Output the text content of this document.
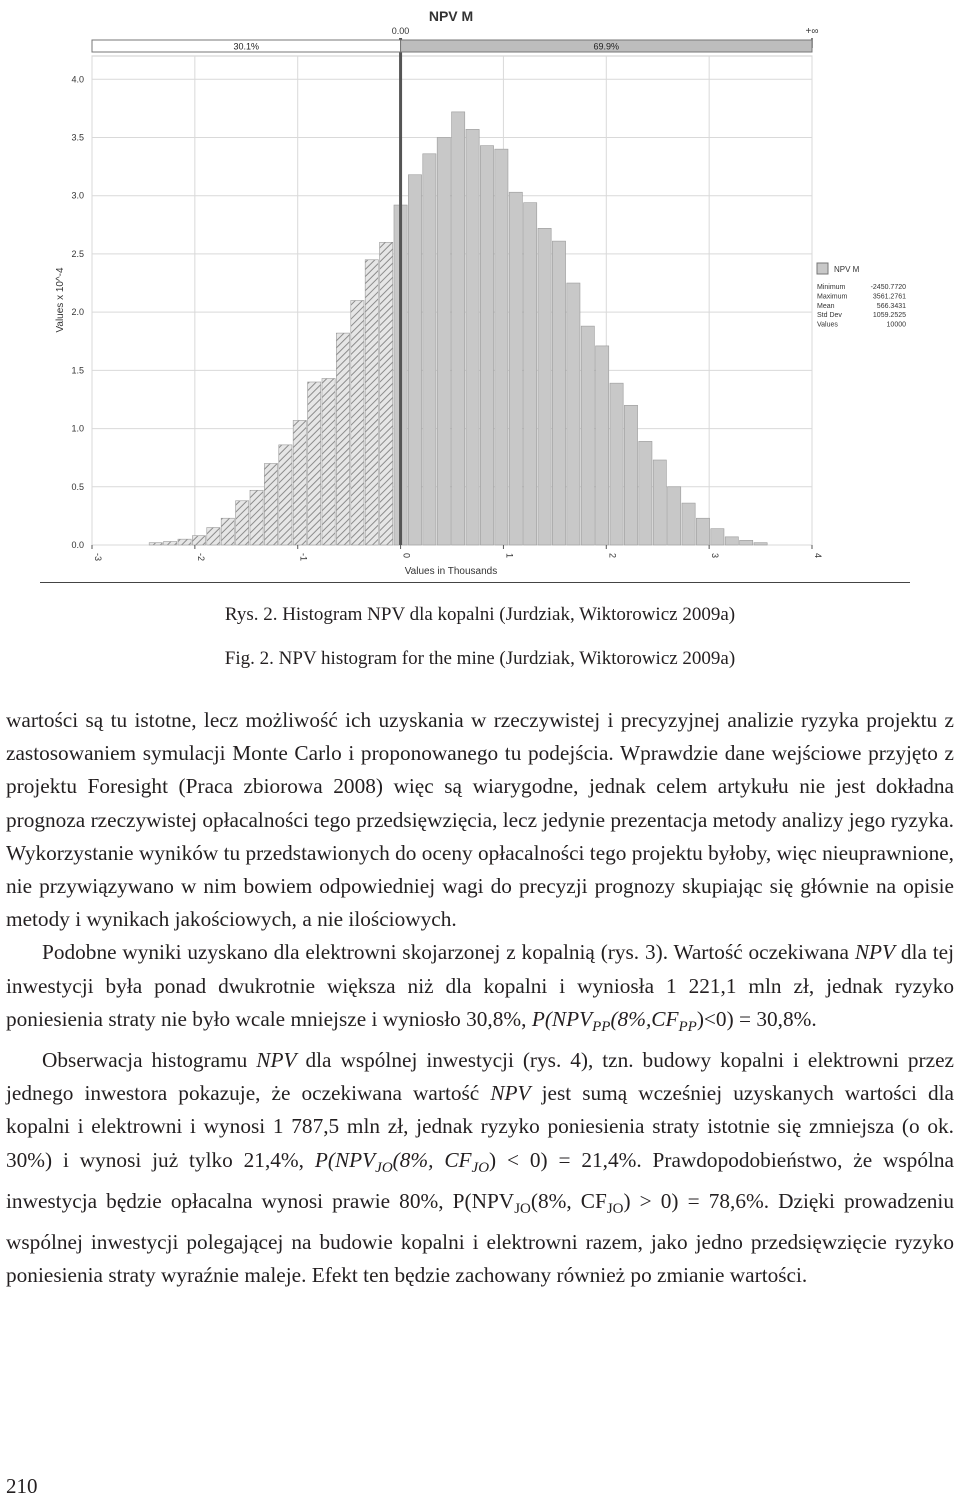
0.0
0.5
1.0
1.5
2.0
2.5
3.0
3.5
4.0
-3	-2	-1	0	1	2	3	4
0.00	+∞
30.1%	69.9%
NPV M
Values in Thousands
Values x 10^-4	NPV M
Minimum	-2450.7720
Maximum	3561.2761
Mean	566.3431
Std Dev	1059.2525
Values	10000
Rys. 2. Histogram NPV dla kopalni (Jurdziak, Wiktorowicz 2009a)
Fig. 2. NPV histogram for the mine (Jurdziak, Wiktorowicz 2009a)

wartości są tu istotne, lecz możliwość ich uzyskania w rzeczywistej i precyzyjnej analizie ryzyka projektu z zastosowaniem symulacji Monte Carlo i proponowanego tu podejścia. Wprawdzie dane wejściowe przyjęto z projektu Foresight (Praca zbiorowa 2008) więc są wiarygodne, jednak celem artykułu nie jest dokładna prognoza rzeczywistej opłacalności tego przedsięwzięcia, lecz jedynie prezentacja metody analizy jego ryzyka. Wykorzystanie wyników tu przedstawionych do oceny opłacalności tego projektu byłoby, więc nieuprawnione, nie przywiązywano w nim bowiem odpowiedniej wagi do precyzji prognozy skupiając się głównie na opisie metody i wynikach jakościowych, a nie ilościowych.

Podobne wyniki uzyskano dla elektrowni skojarzonej z kopalnią (rys. 3). Wartość oczekiwana NPV dla tej inwestycji była ponad dwukrotnie większa niż dla kopalni i wyniosła 1 221,1 mln zł, jednak ryzyko poniesienia straty nie było wcale mniejsze i wyniosło 30,8%, $P(NPV_{PP}(8\%,CF_{PP})<0) = 30,8\%$.

Obserwacja histogramu NPV dla wspólnej inwestycji (rys. 4), tzn. budowy kopalni i elektrowni przez jednego inwestora pokazuje, że oczekiwana wartość NPV jest sumą wcześniej uzyskanych wartości dla kopalni i elektrowni i wynosi 1 787,5 mln zł, jednak ryzyko poniesienia straty istotnie się zmniejsza (o ok. 30%) i wynosi już tylko 21,4%, $P(NPV_{JO}(8\%$, $CF_{JO}) < 0) = 21,4\%$. Prawdopodobieństwo, że wspólna inwestycja będzie opłacalna wynosi prawie 80%, $P(NPV_{JO}(8\%$, $CF_{JO}) > 0) = 78,6\%$. Dzięki prowadzeniu wspólnej inwestycji polegającej na budowie kopalni i elektrowni razem, jako jedno przedsięwzięcie ryzyko poniesienia straty wyraźnie maleje. Efekt ten będzie zachowany również po zmianie wartości.

210
